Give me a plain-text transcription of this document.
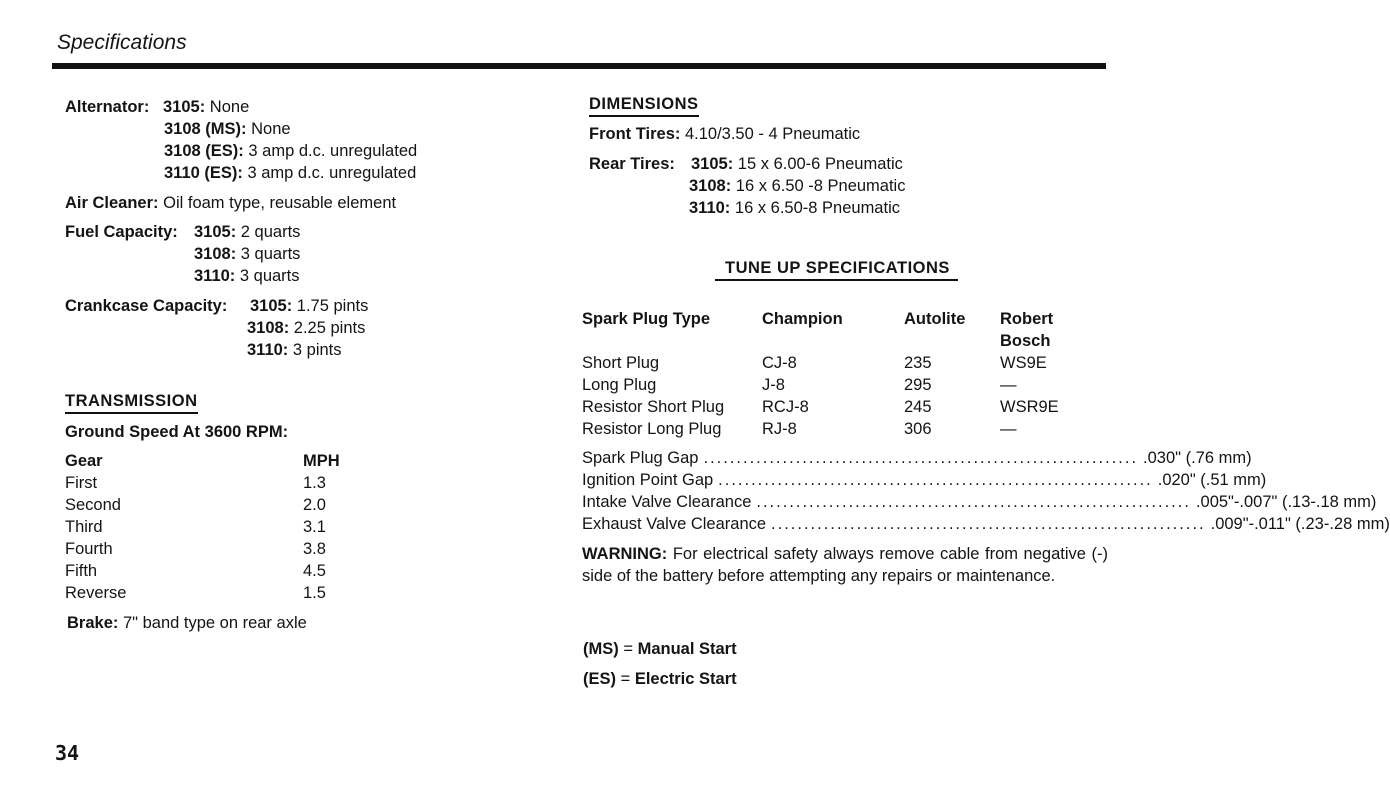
Specifications
Alternator: 3105: None
3108 (MS): None
3108 (ES): 3 amp d.c. unregulated
3110 (ES): 3 amp d.c. unregulated
Air Cleaner: Oil foam type, reusable element
Fuel Capacity: 3105: 2 quarts
3108: 3 quarts
3110: 3 quarts
Crankcase Capacity: 3105: 1.75 pints
3108: 2.25 pints
3110: 3 pints
TRANSMISSION
Ground Speed At 3600 RPM:
Gear	MPH
First	1.3
Second	2.0
Third	3.1
Fourth	3.8
Fifth	4.5
Reverse	1.5
Brake: 7" band type on rear axle
DIMENSIONS
Front Tires: 4.10/3.50 - 4 Pneumatic
Rear Tires: 3105: 15 x 6.00-6 Pneumatic
3108: 16 x 6.50 -8 Pneumatic
3110: 16 x 6.50-8 Pneumatic
TUNE UP SPECIFICATIONS
Spark Plug Type	Champion	Autolite	Robert
Bosch
Short Plug	CJ-8	235	WS9E
Long Plug	J-8	295	—
Resistor Short Plug	RCJ-8	245	WSR9E
Resistor Long Plug	RJ-8	306	—
Spark Plug Gap .................................................................. .030" (.76 mm)
Ignition Point Gap .................................................................. .020" (.51 mm)
Intake Valve Clearance .................................................................. .005"-.007" (.13-.18 mm)
Exhaust Valve Clearance .................................................................. .009"-.011" (.23-.28 mm)
WARNING: For electrical safety always remove cable from negative (-) side of the battery before attempting any repairs or maintenance.
(MS) = Manual Start
(ES) = Electric Start
34
